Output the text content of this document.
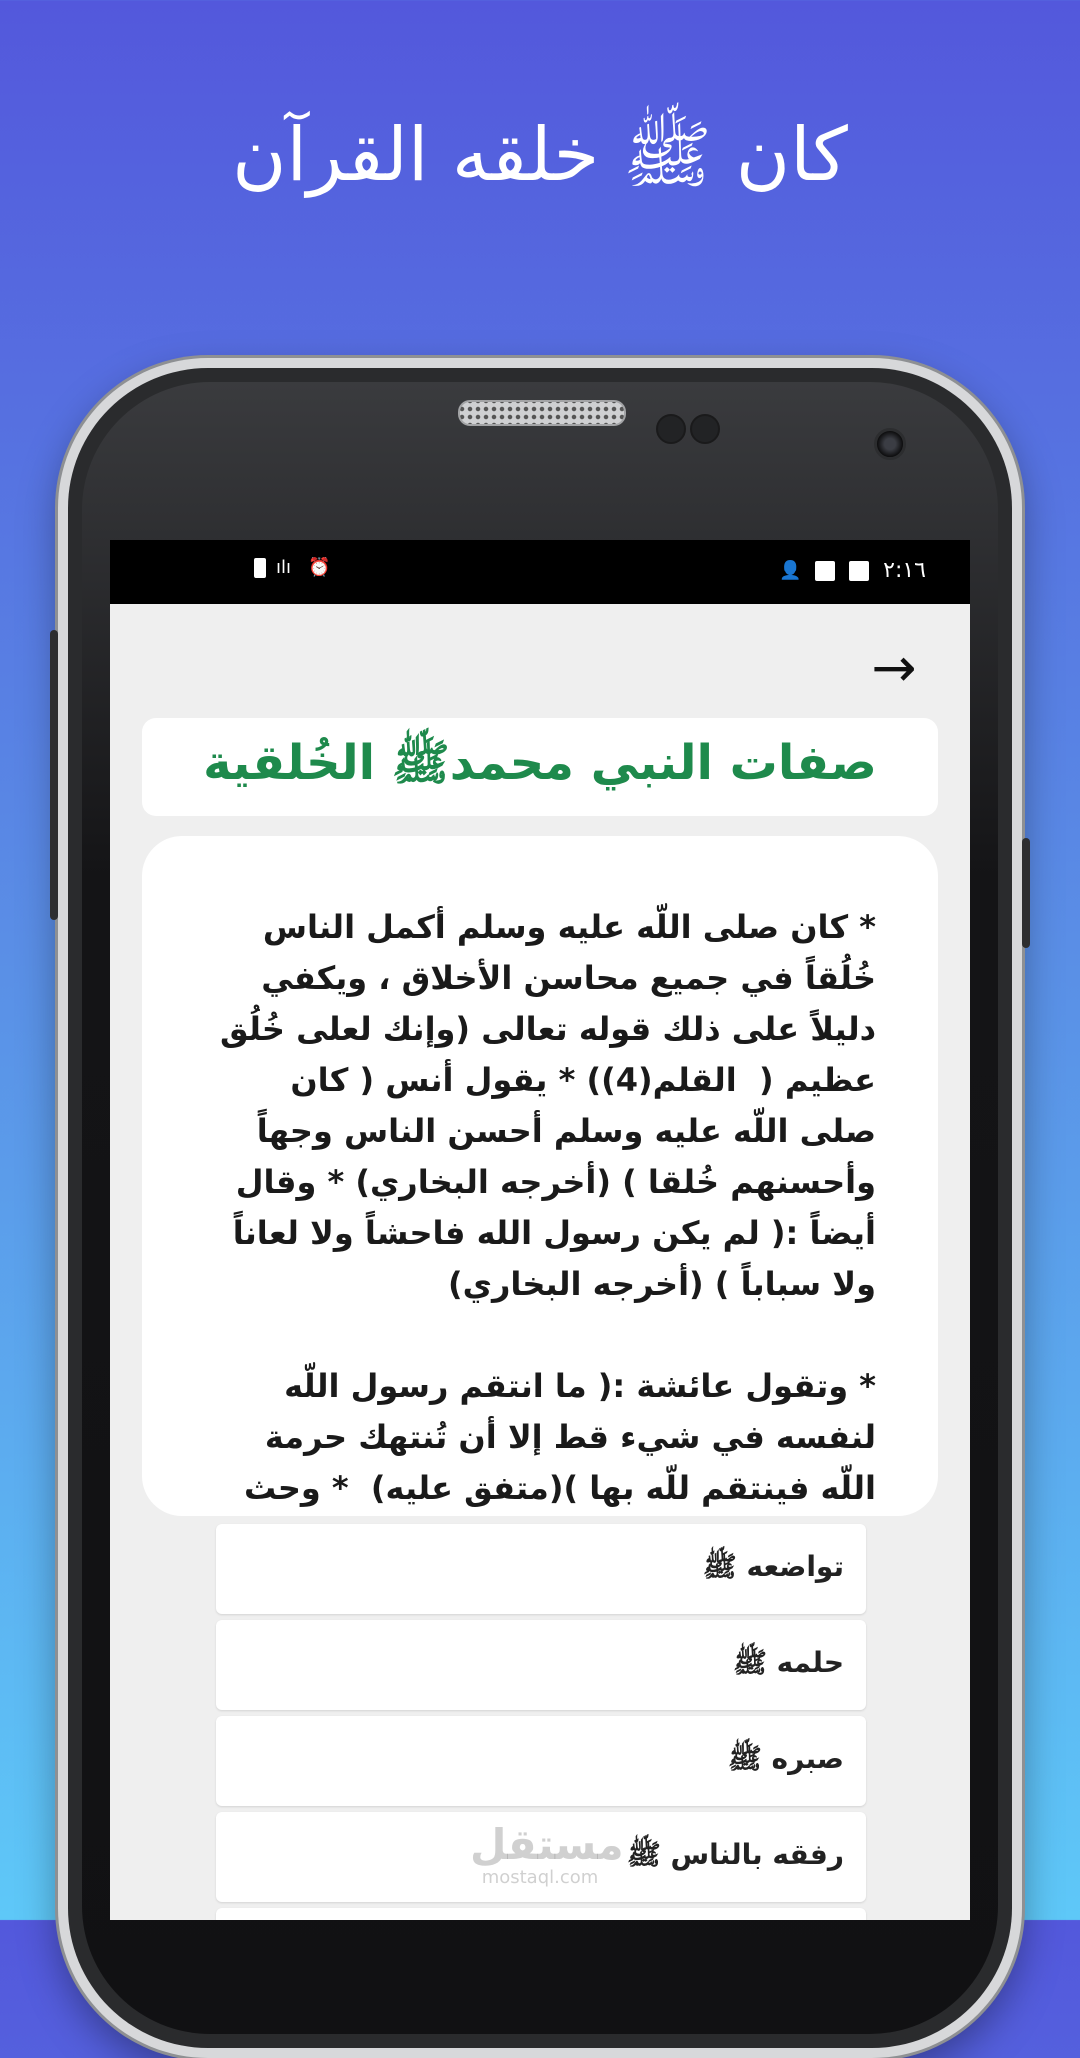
كان ﷺ خلقه القرآن
ılı ⏰	👤	٢:١٦
→
صفات النبي محمدﷺ الخُلقية
* كان صلى اللّه عليه وسلم أكمل الناس خُلُقاً في جميع محاسن الأخلاق ، ويكفي دليلاً على ذلك قوله تعالى (وإنك لعلى خُلُق عظيم (  القلم(4)) * يقول أنس ( كان صلى اللّه عليه وسلم أحسن الناس وجهاً وأحسنهم خُلقا ) (أخرجه البخاري) * وقال أيضاً :( لم يكن رسول الله فاحشاً ولا لعاناً ولا سباباً ) (أخرجه البخاري)

* وتقول عائشة :( ما انتقم رسول اللّه لنفسه في شيء قط إلا أن تُنتهك حرمة اللّه فينتقم للّه بها )(متفق عليه)  * وحث
تواضعه ﷺ
حلمه ﷺ
صبره ﷺ
رفقه بالناس ﷺ
مستقل
mostaql.com
